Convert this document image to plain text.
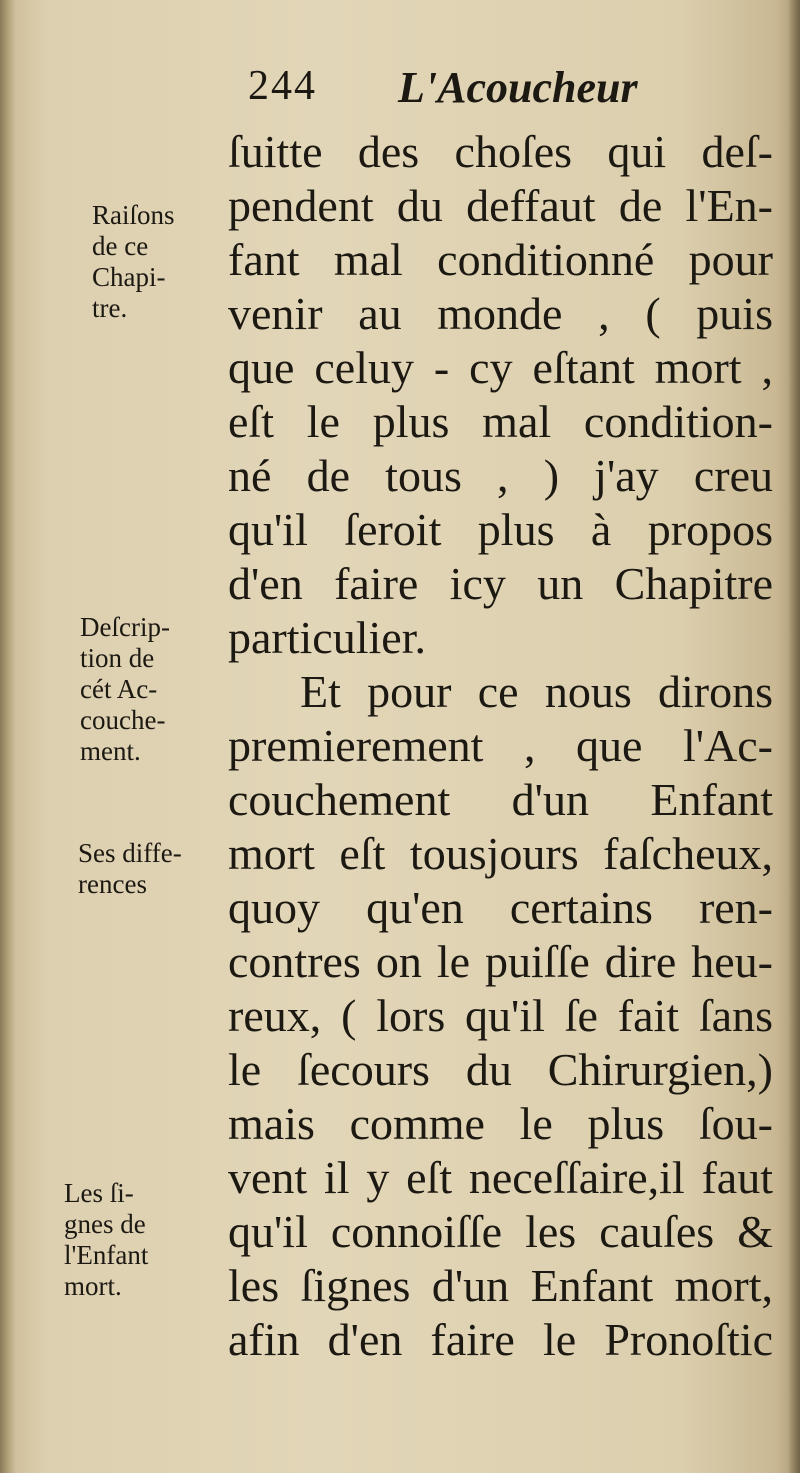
244 L'Acoucheur
ſuitte des choſes qui deſ-
pendent du deffaut de l'En-
fant mal conditionné pour
venir au monde , ( puis
que celuy - cy eſtant mort ,
eſt le plus mal condition-
né de tous , ) j'ay creu
qu'il ſeroit plus à propos
d'en faire icy un Chapitre
particulier.
Et pour ce nous dirons
premierement , que l'Ac-
couchement d'un Enfant
mort eſt tousjours faſcheux,
quoy qu'en certains ren-
contres on le puiſſe dire heu-
reux, ( lors qu'il ſe fait ſans
le ſecours du Chirurgien,)
mais comme le plus ſou-
vent il y eſt neceſſaire,il faut
qu'il connoiſſe les cauſes &
les ſignes d'un Enfant mort,
afin d'en faire le Pronoſtic
Raiſons
de ce
Chapi-
tre.
Deſcrip-
tion de
cét Ac-
couche-
ment.
Ses diffe-
rences
Les ſi-
gnes de
l'Enfant
mort.
